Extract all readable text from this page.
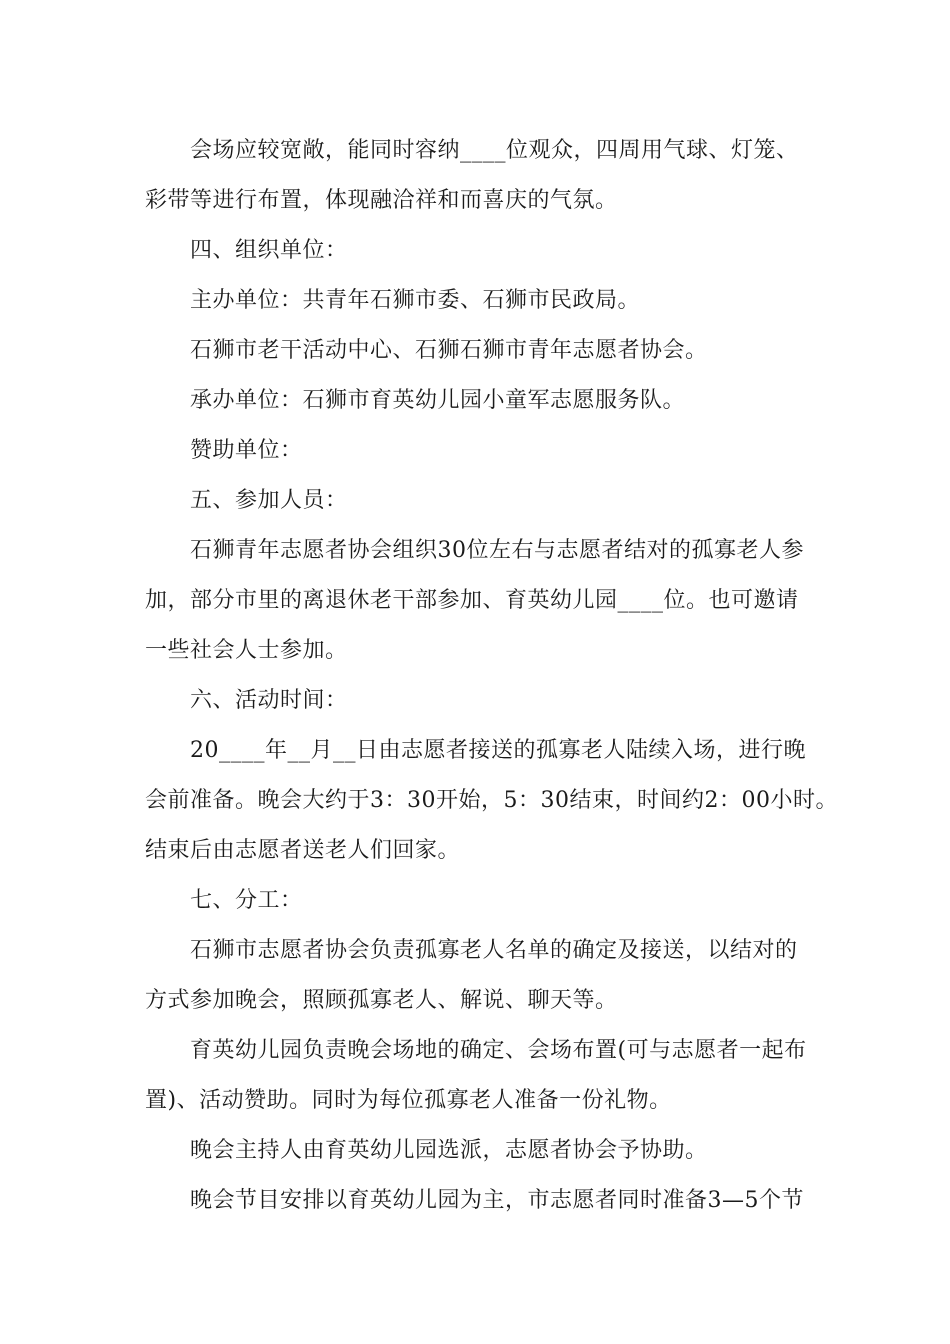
会场应较宽敞，能同时容纳____位观众，四周用气球、灯笼、
彩带等进行布置，体现融洽祥和而喜庆的气氛。
四、组织单位：
主办单位：共青年石狮市委、石狮市民政局。
石狮市老干活动中心、石狮石狮市青年志愿者协会。
承办单位：石狮市育英幼儿园小童军志愿服务队。
赞助单位：
五、参加人员：
石狮青年志愿者协会组织30位左右与志愿者结对的孤寡老人参
加，部分市里的离退休老干部参加、育英幼儿园____位。也可邀请
一些社会人士参加。
六、活动时间：
20____年__月__日由志愿者接送的孤寡老人陆续入场，进行晚
会前准备。晚会大约于3：30开始，5：30结束，时间约2：00小时。
结束后由志愿者送老人们回家。
七、分工：
石狮市志愿者协会负责孤寡老人名单的确定及接送，以结对的
方式参加晚会，照顾孤寡老人、解说、聊天等。
育英幼儿园负责晚会场地的确定、会场布置(可与志愿者一起布
置)、活动赞助。同时为每位孤寡老人准备一份礼物。
晚会主持人由育英幼儿园选派，志愿者协会予协助。
晚会节目安排以育英幼儿园为主，市志愿者同时准备3—5个节
